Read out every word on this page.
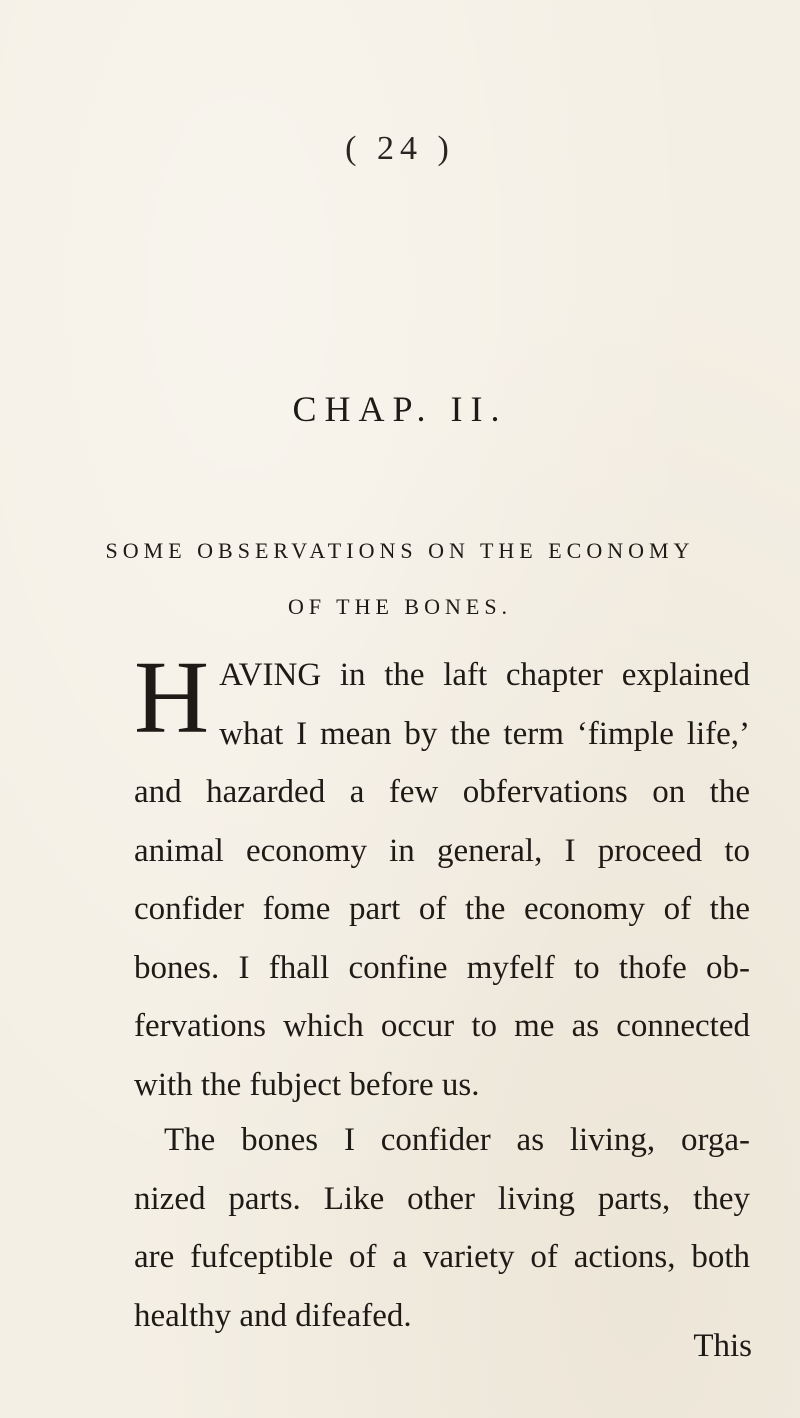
( 24 )
CHAP. II.
SOME OBSERVATIONS ON THE ECONOMY
OF THE BONES.
H AVING in the laft chapter explained
what I mean by the term ‘fimple life,’
and hazarded a few obfervations on the
animal economy in general, I proceed to
confider fome part of the economy of the
bones. I fhall confine myfelf to thofe ob-
fervations which occur to me as connected
with the fubject before us.
The bones I confider as living, orga-
nized parts. Like other living parts, they
are fufceptible of a variety of actions, both
healthy and difeafed.
This
